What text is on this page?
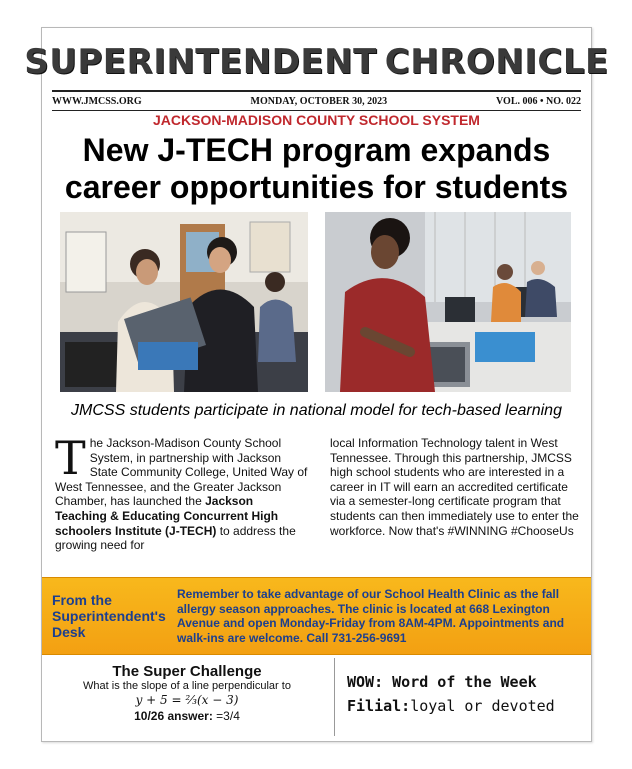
SUPERINTENDENT CHRONICLE
WWW.JMCSS.ORG	MONDAY, OCTOBER 30, 2023	VOL. 006 • NO. 022
JACKSON-MADISON COUNTY SCHOOL SYSTEM
New J-TECH program expands
career opportunities for students
JMCSS students participate in national model for tech-based learning
The Jackson-Madison County School System, in partnership with Jackson State Community College, United Way of West Tennessee, and the Greater Jackson Chamber, has launched the Jackson Teaching & Educating Concurrent High schoolers Institute (J-TECH) to address the growing need for
local Information Technology talent in West Tennessee. Through this partnership, JMCSS high school students who are interested in a career in IT will earn an accredited certificate via a semester-long certificate program that students can then immediately use to enter the workforce. Now that's #WINNING #ChooseUs
From the Superintendent's Desk
Remember to take advantage of our School Health Clinic as the fall allergy season approaches. The clinic is located at 668 Lexington Avenue and open Monday-Friday from 8AM-4PM. Appointments and walk-ins are welcome. Call 731-256-9691
The Super Challenge
What is the slope of a line perpendicular to
y + 5 = ⅔(x − 3)
10/26 answer: =3/4
WOW: Word of the Week
Filial:loyal or devoted
